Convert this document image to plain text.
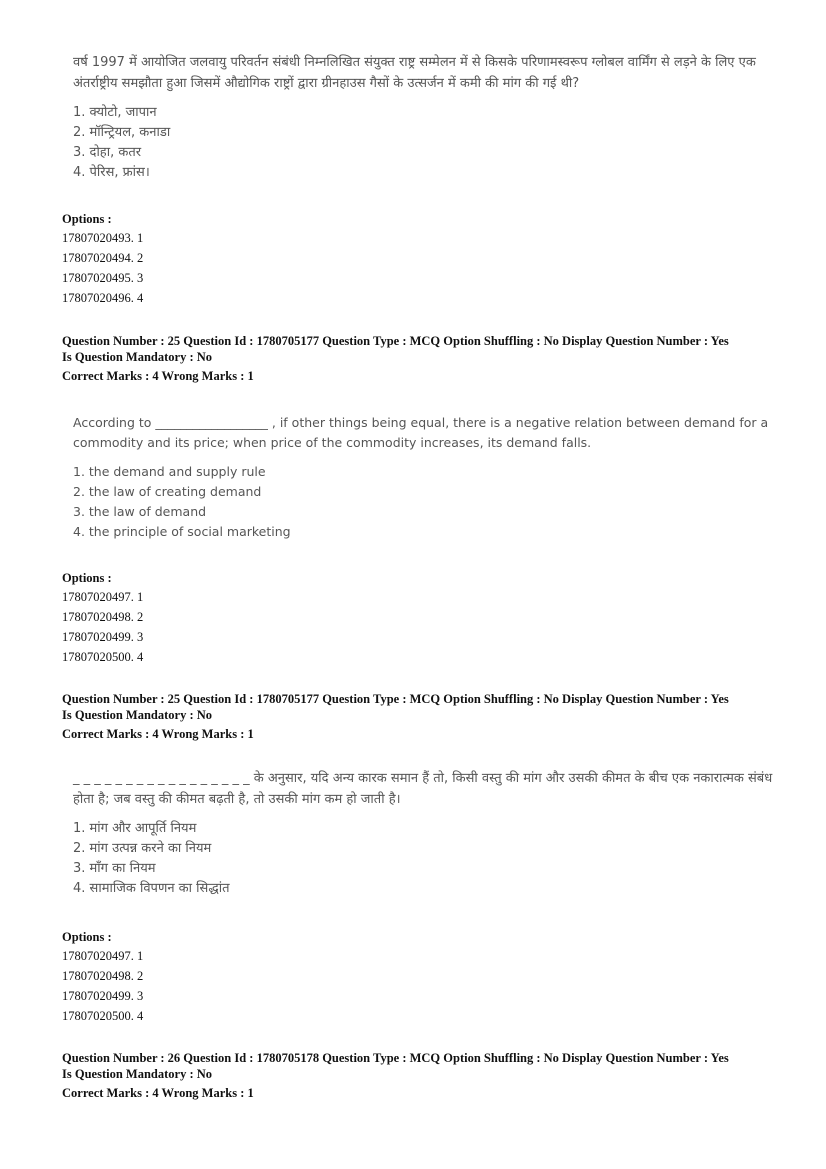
वर्ष 1997 में आयोजित जलवायु परिवर्तन संबंधी निम्नलिखित संयुक्त राष्ट्र सम्मेलन में से किसके परिणामस्वरूप ग्लोबल वार्मिंग से लड़ने के लिए एक अंतर्राष्ट्रीय समझौता हुआ जिसमें औद्योगिक राष्ट्रों द्वारा ग्रीनहाउस गैसों के उत्सर्जन में कमी की मांग की गई थी?
1. क्योटो, जापान
2. मॉन्ट्रियल, कनाडा
3. दोहा, कतर
4. पेरिस, फ्रांस।
Options :
17807020493. 1
17807020494. 2
17807020495. 3
17807020496. 4
Question Number : 25 Question Id : 1780705177 Question Type : MCQ Option Shuffling : No Display Question Number : Yes
Is Question Mandatory : No
Correct Marks : 4 Wrong Marks : 1
According to __________________ , if other things being equal, there is a negative relation between demand for a commodity and its price; when price of the commodity increases, its demand falls.
1. the demand and supply rule
2. the law of creating demand
3. the law of demand
4. the principle of social marketing
Options :
17807020497. 1
17807020498. 2
17807020499. 3
17807020500. 4
Question Number : 25 Question Id : 1780705177 Question Type : MCQ Option Shuffling : No Display Question Number : Yes
Is Question Mandatory : No
Correct Marks : 4 Wrong Marks : 1
_ _ _ _ _ _ _ _ _ _ _ _ _ _ _ _ _ के अनुसार, यदि अन्य कारक समान हैं तो, किसी वस्तु की मांग और उसकी कीमत के बीच एक नकारात्मक संबंध होता है; जब वस्तु की कीमत बढ़ती है, तो उसकी मांग कम हो जाती है।
1. मांग और आपूर्ति नियम
2. मांग उत्पन्न करने का नियम
3. माँग का नियम
4. सामाजिक विपणन का सिद्धांत
Options :
17807020497. 1
17807020498. 2
17807020499. 3
17807020500. 4
Question Number : 26 Question Id : 1780705178 Question Type : MCQ Option Shuffling : No Display Question Number : Yes
Is Question Mandatory : No
Correct Marks : 4 Wrong Marks : 1
